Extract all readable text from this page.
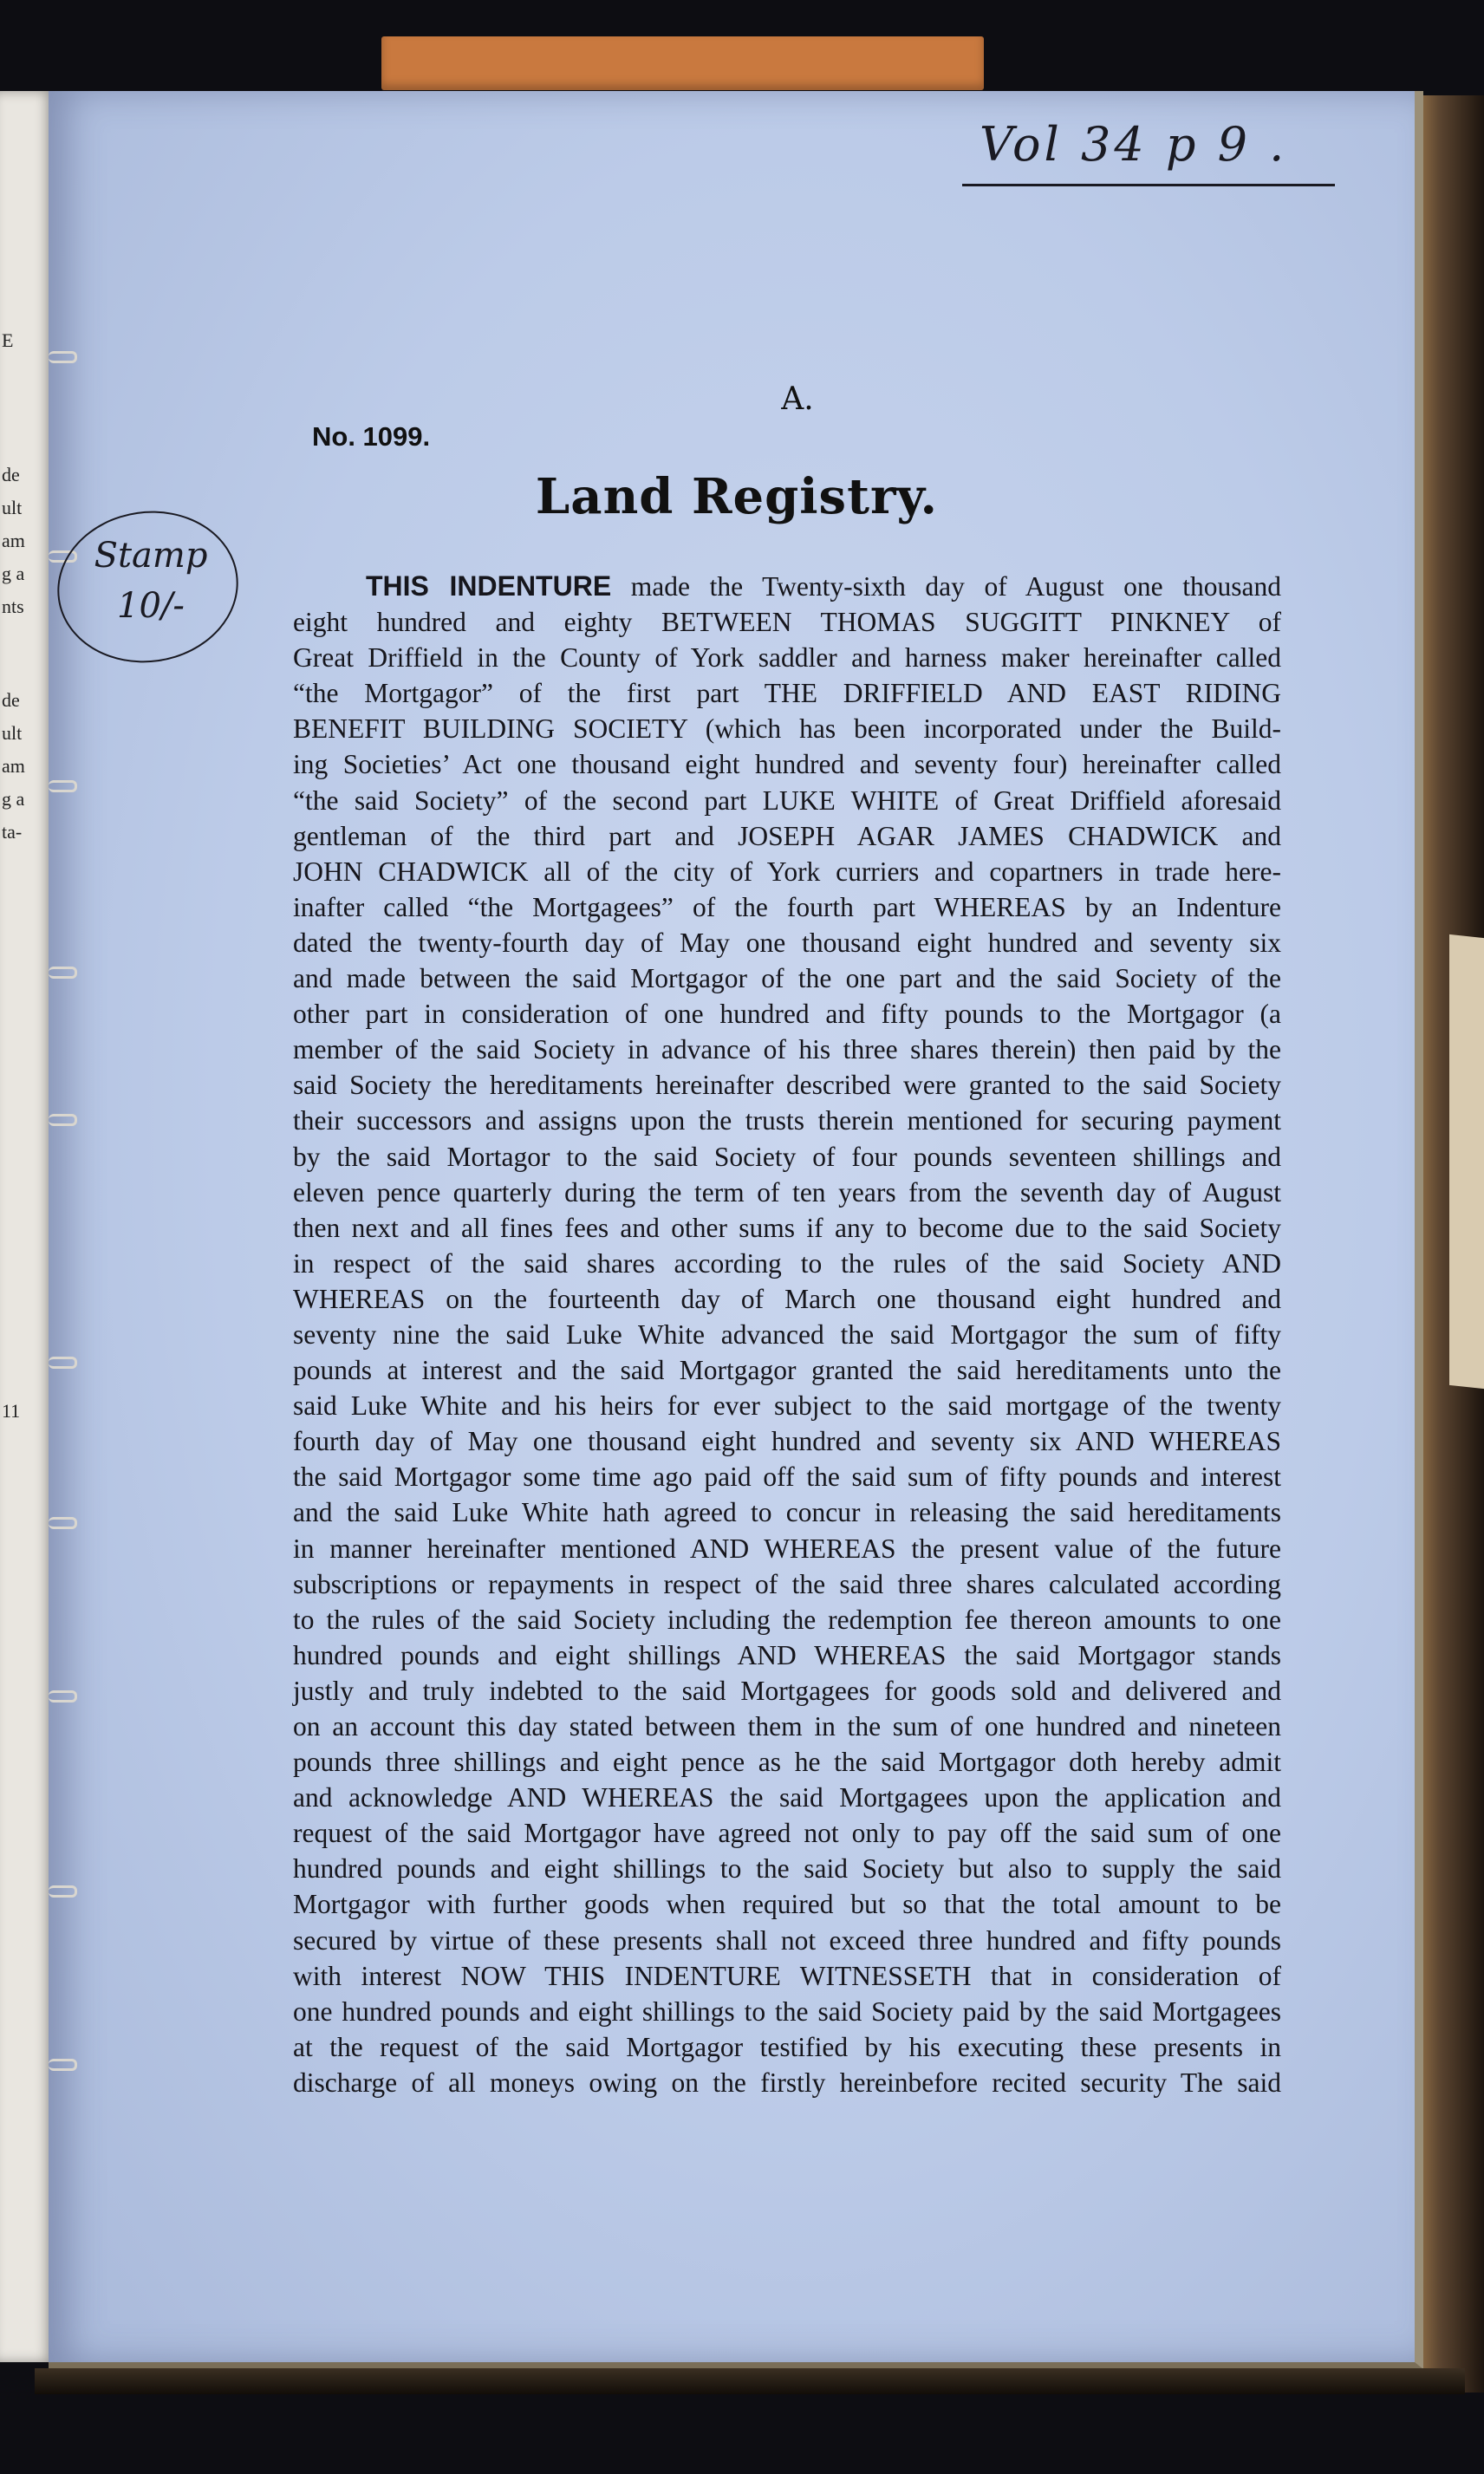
E
de
ult
am
g a
nts
de
ult
am
g a
ta-
11
Vol 34 p 9 .
Stamp
10/-
A.
No. 1099.
Land Registry.
THIS INDENTURE made the Twenty-sixth day of August one thousand
eight hundred and eighty BETWEEN THOMAS SUGGITT PINKNEY of
Great Driffield in the County of York saddler and harness maker hereinafter called
“the Mortgagor” of the first part THE DRIFFIELD AND EAST RIDING
BENEFIT BUILDING SOCIETY (which has been incorporated under the Build-
ing Societies’ Act one thousand eight hundred and seventy four) hereinafter called
“the said Society” of the second part LUKE WHITE of Great Driffield aforesaid
gentleman of the third part and JOSEPH AGAR JAMES CHADWICK and
JOHN CHADWICK all of the city of York curriers and copartners in trade here-
inafter called “the Mortgagees” of the fourth part WHEREAS by an Indenture
dated the twenty-fourth day of May one thousand eight hundred and seventy six
and made between the said Mortgagor of the one part and the said Society of the
other part in consideration of one hundred and fifty pounds to the Mortgagor (a
member of the said Society in advance of his three shares therein) then paid by the
said Society the hereditaments hereinafter described were granted to the said Society
their successors and assigns upon the trusts therein mentioned for securing payment
by the said Mortagor to the said Society of four pounds seventeen shillings and
eleven pence quarterly during the term of ten years from the seventh day of August
then next and all fines fees and other sums if any to become due to the said Society
in respect of the said shares according to the rules of the said Society AND
WHEREAS on the fourteenth day of March one thousand eight hundred and
seventy nine the said Luke White advanced the said Mortgagor the sum of fifty
pounds at interest and the said Mortgagor granted the said hereditaments unto the
said Luke White and his heirs for ever subject to the said mortgage of the twenty
fourth day of May one thousand eight hundred and seventy six AND WHEREAS
the said Mortgagor some time ago paid off the said sum of fifty pounds and interest
and the said Luke White hath agreed to concur in releasing the said hereditaments
in manner hereinafter mentioned AND WHEREAS the present value of the future
subscriptions or repayments in respect of the said three shares calculated according
to the rules of the said Society including the redemption fee thereon amounts to one
hundred pounds and eight shillings AND WHEREAS the said Mortgagor stands
justly and truly indebted to the said Mortgagees for goods sold and delivered and
on an account this day stated between them in the sum of one hundred and nineteen
pounds three shillings and eight pence as he the said Mortgagor doth hereby admit
and acknowledge AND WHEREAS the said Mortgagees upon the application and
request of the said Mortgagor have agreed not only to pay off the said sum of one
hundred pounds and eight shillings to the said Society but also to supply the said
Mortgagor with further goods when required but so that the total amount to be
secured by virtue of these presents shall not exceed three hundred and fifty pounds
with interest NOW THIS INDENTURE WITNESSETH that in consideration of
one hundred pounds and eight shillings to the said Society paid by the said Mortgagees
at the request of the said Mortgagor testified by his executing these presents in
discharge of all moneys owing on the firstly hereinbefore recited security The said
